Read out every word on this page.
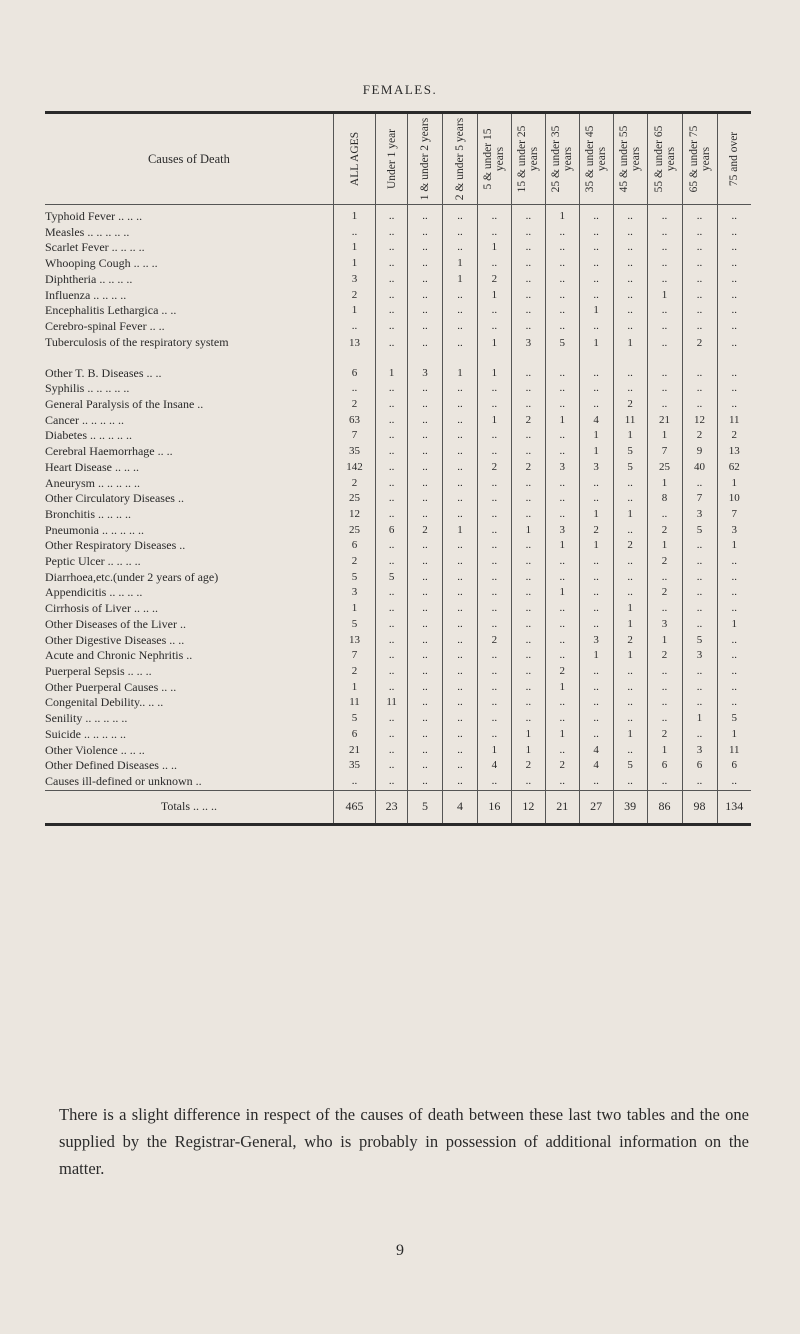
FEMALES.
Causes of Death	ALL AGES	Under 1 year	1 & under 2 years	2 & under 5 years	5 & under 15 years	15 & under 25 years	25 & under 35 years	35 & under 45 years	45 & under 55 years	55 & under 65 years	65 & under 75 years	75 and over

Typhoid Fever .. .. ..	1	..	..	..	..	..	1	..	..	..	..	..
Measles .. .. .. .. ..	..	..	..	..	..	..	..	..	..	..	..	..
Scarlet Fever .. .. .. ..	1	..	..	..	1	..	..	..	..	..	..	..
Whooping Cough .. .. ..	1	..	..	1	..	..	..	..	..	..	..	..
Diphtheria .. .. .. ..	3	..	..	1	2	..	..	..	..	..	..	..
Influenza .. .. .. ..	2	..	..	..	1	..	..	..	..	1	..	..
Encephalitis Lethargica .. ..	1	..	..	..	..	..	..	1	..	..	..	..
Cerebro-spinal Fever .. ..	..	..	..	..	..	..	..	..	..	..	..	..
Tuberculosis of the respiratory system	13	..	..	..	1	3	5	1	1	..	2	..
Other T. B. Diseases .. ..	6	1	3	1	1	..	..	..	..	..	..	..
Syphilis .. .. .. .. ..	..	..	..	..	..	..	..	..	..	..	..	..
General Paralysis of the Insane ..	2	..	..	..	..	..	..	..	2	..	..	..
Cancer .. .. .. .. ..	63	..	..	..	1	2	1	4	11	21	12	11
Diabetes .. .. .. .. ..	7	..	..	..	..	..	..	1	1	1	2	2
Cerebral Haemorrhage .. ..	35	..	..	..	..	..	..	1	5	7	9	13
Heart Disease .. .. ..	142	..	..	..	2	2	3	3	5	25	40	62
Aneurysm .. .. .. .. ..	2	..	..	..	..	..	..	..	..	1	..	1
Other Circulatory Diseases ..	25	..	..	..	..	..	..	..	..	8	7	10
Bronchitis .. .. .. ..	12	..	..	..	..	..	..	1	1	..	3	7
Pneumonia .. .. .. .. ..	25	6	2	1	..	1	3	2	..	2	5	3
Other Respiratory Diseases ..	6	..	..	..	..	..	1	1	2	1	..	1
Peptic Ulcer .. .. .. ..	2	..	..	..	..	..	..	..	..	2	..	..
Diarrhoea,etc.(under 2 years of age)	5	5	..	..	..	..	..	..	..	..	..	..
Appendicitis .. .. .. ..	3	..	..	..	..	..	1	..	..	2	..	..
Cirrhosis of Liver .. .. ..	1	..	..	..	..	..	..	..	1	..	..	..
Other Diseases of the Liver ..	5	..	..	..	..	..	..	..	1	3	..	1
Other Digestive Diseases .. ..	13	..	..	..	2	..	..	3	2	1	5	..
Acute and Chronic Nephritis ..	7	..	..	..	..	..	..	1	1	2	3	..
Puerperal Sepsis .. .. ..	2	..	..	..	..	..	2	..	..	..	..	..
Other Puerperal Causes .. ..	1	..	..	..	..	..	1	..	..	..	..	..
Congenital Debility.. .. ..	11	11	..	..	..	..	..	..	..	..	..	..
Senility .. .. .. .. ..	5	..	..	..	..	..	..	..	..	..	1	5
Suicide .. .. .. .. ..	6	..	..	..	..	1	1	..	1	2	..	1
Other Violence .. .. ..	21	..	..	..	1	1	..	4	..	1	3	11
Other Defined Diseases .. ..	35	..	..	..	4	2	2	4	5	6	6	6
Causes ill-defined or unknown ..	..	..	..	..	..	..	..	..	..	..	..	..
Totals .. .. ..	465	23	5	4	16	12	21	27	39	86	98	134
There is a slight difference in respect of the causes of death between these last two tables and the one supplied by the Registrar-General, who is probably in possession of additional information on the matter.
9
